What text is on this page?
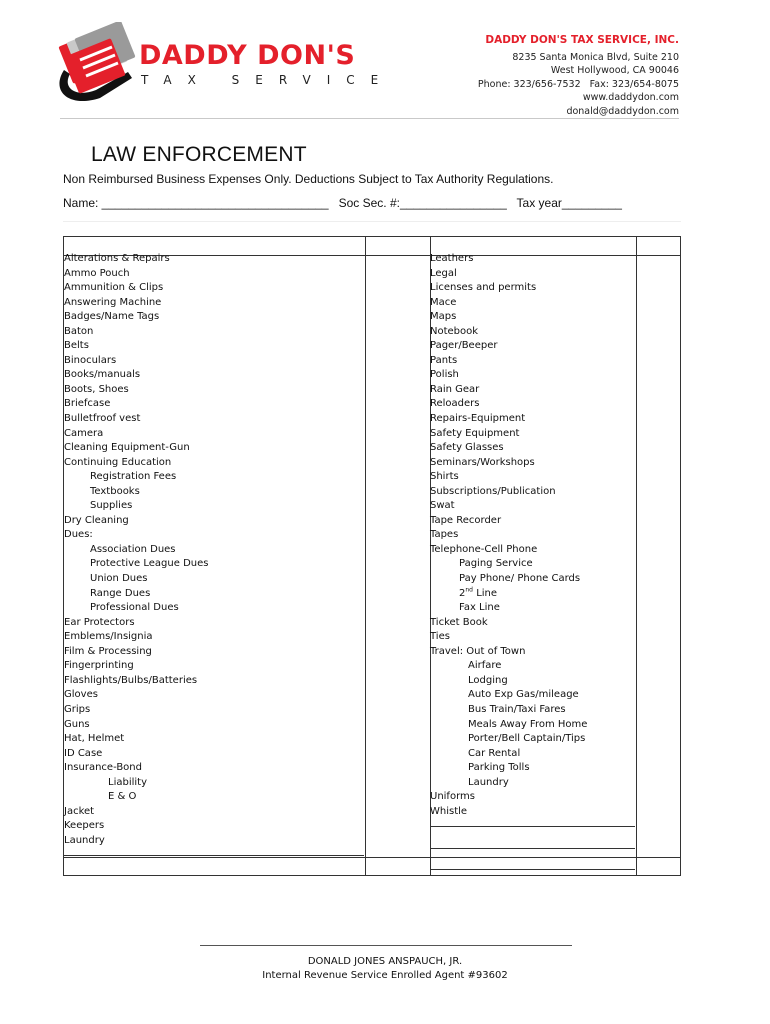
DADDY DON'S
TAX SERVICE
DADDY DON'S TAX SERVICE, INC.
8235 Santa Monica Blvd, Suite 210
West Hollywood, CA 90046
Phone: 323/656-7532   Fax: 323/654-8075
www.daddydon.com
donald@daddydon.com
LAW ENFORCEMENT
Non Reimbursed Business Expenses Only. Deductions Subject to Tax Authority Regulations.
Name: __________________________________   Soc Sec. #:________________   Tax year_________
Alterations & Repairs
Ammo Pouch
Ammunition & Clips
Answering Machine
Badges/Name Tags
Baton
Belts
Binoculars
Books/manuals
Boots, Shoes
Briefcase
Bulletfroof vest
Camera
Cleaning Equipment-Gun
Continuing Education
Registration Fees
Textbooks
Supplies
Dry Cleaning
Dues:
Association Dues
Protective League Dues
Union Dues
Range Dues
Professional Dues
Ear Protectors
Emblems/Insignia
Film & Processing
Fingerprinting
Flashlights/Bulbs/Batteries
Gloves
Grips
Guns
Hat, Helmet
ID Case
Insurance-Bond
Liability
E & O
Jacket
Keepers
Laundry
Leathers
Legal
Licenses and permits
Mace
Maps
Notebook
Pager/Beeper
Pants
Polish
Rain Gear
Reloaders
Repairs-Equipment
Safety Equipment
Safety Glasses
Seminars/Workshops
Shirts
Subscriptions/Publication
Swat
Tape Recorder
Tapes
Telephone-Cell Phone
Paging Service
Pay Phone/ Phone Cards
2nd Line
Fax Line
Ticket Book
Ties
Travel: Out of Town
Airfare
Lodging
Auto Exp Gas/mileage
Bus Train/Taxi Fares
Meals Away From Home
Porter/Bell Captain/Tips
Car Rental
Parking Tolls
Laundry
Uniforms
Whistle
DONALD JONES ANSPAUCH, JR.
Internal Revenue Service Enrolled Agent #93602
